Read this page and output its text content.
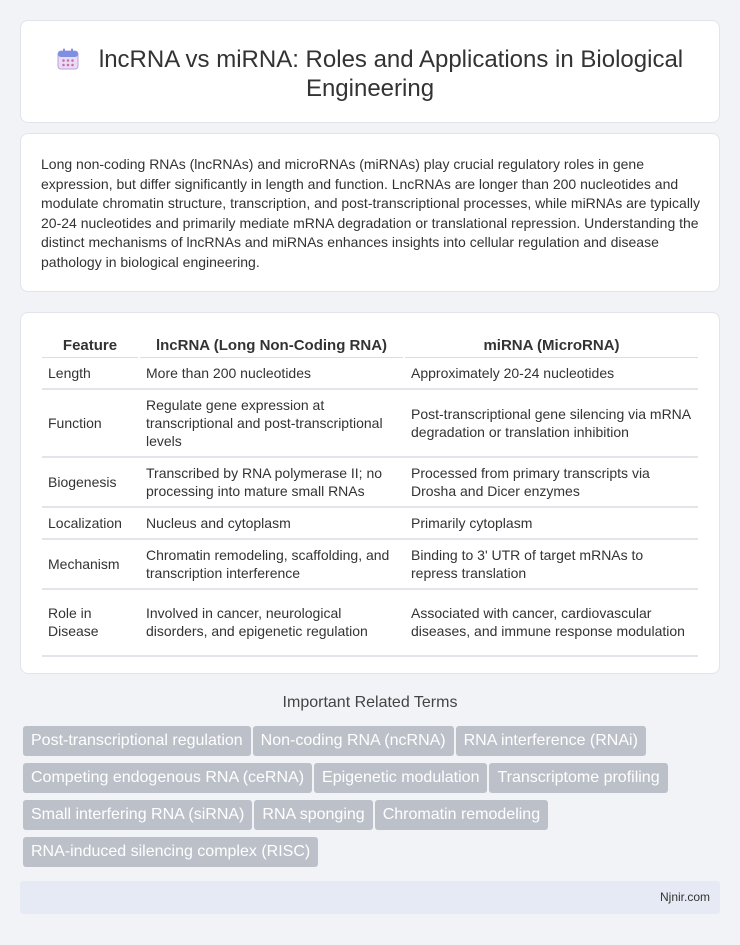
lncRNA vs miRNA: Roles and Applications in Biological Engineering

Long non-coding RNAs (lncRNAs) and microRNAs (miRNAs) play crucial regulatory roles in gene expression, but differ significantly in length and function. LncRNAs are longer than 200 nucleotides and modulate chromatin structure, transcription, and post-transcriptional processes, while miRNAs are typically 20-24 nucleotides and primarily mediate mRNA degradation or translational repression. Understanding the distinct mechanisms of lncRNAs and miRNAs enhances insights into cellular regulation and disease pathology in biological engineering.

Feature	lncRNA (Long Non-Coding RNA)	miRNA (MicroRNA)
Length	More than 200 nucleotides	Approximately 20-24 nucleotides
Function	Regulate gene expression at transcriptional and post-transcriptional levels	Post-transcriptional gene silencing via mRNA degradation or translation inhibition
Biogenesis	Transcribed by RNA polymerase II; no processing into mature small RNAs	Processed from primary transcripts via Drosha and Dicer enzymes
Localization	Nucleus and cytoplasm	Primarily cytoplasm
Mechanism	Chromatin remodeling, scaffolding, and transcription interference	Binding to 3' UTR of target mRNAs to repress translation
Role in Disease	Involved in cancer, neurological disorders, and epigenetic regulation	Associated with cancer, cardiovascular diseases, and immune response modulation
Important Related Terms
Post-transcriptional regulation Non-coding RNA (ncRNA) RNA interference (RNAi) Competing endogenous RNA (ceRNA) Epigenetic modulation Transcriptome profiling Small interfering RNA (siRNA) RNA sponging Chromatin remodeling RNA-induced silencing complex (RISC)
Njnir.com
